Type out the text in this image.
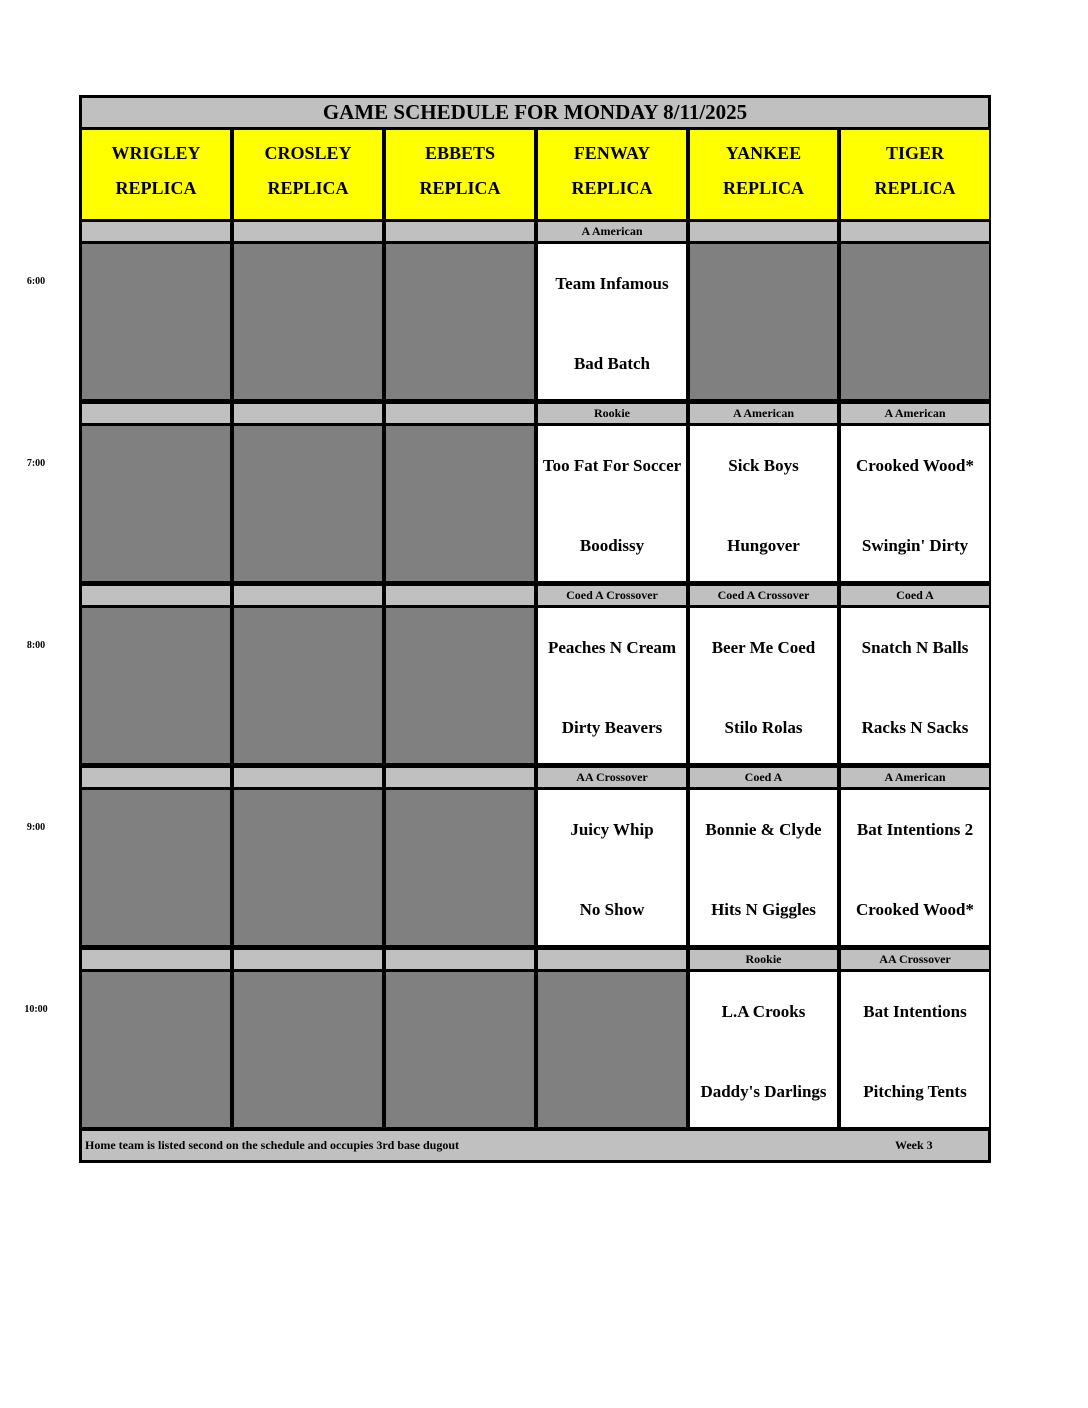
GAME SCHEDULE FOR MONDAY 8/11/2025
WRIGLEY
REPLICA
CROSLEY
REPLICA
EBBETS
REPLICA
FENWAY
REPLICA
YANKEE
REPLICA
TIGER
REPLICA
A American
Team Infamous
Bad Batch
Rookie
Too Fat For Soccer
Boodissy
A American
Sick Boys
Hungover
A American
Crooked Wood*
Swingin' Dirty
Coed A Crossover
Peaches N Cream
Dirty Beavers
Coed A Crossover
Beer Me Coed
Stilo Rolas
Coed A
Snatch N Balls
Racks N Sacks
AA Crossover
Juicy Whip
No Show
Coed A
Bonnie & Clyde
Hits N Giggles
A American
Bat Intentions 2
Crooked Wood*
Rookie
L.A Crooks
Daddy's Darlings
AA Crossover
Bat Intentions
Pitching Tents
Home team is listed second on the schedule and occupies 3rd base dugout	Week 3
6:00
7:00
8:00
9:00
10:00
